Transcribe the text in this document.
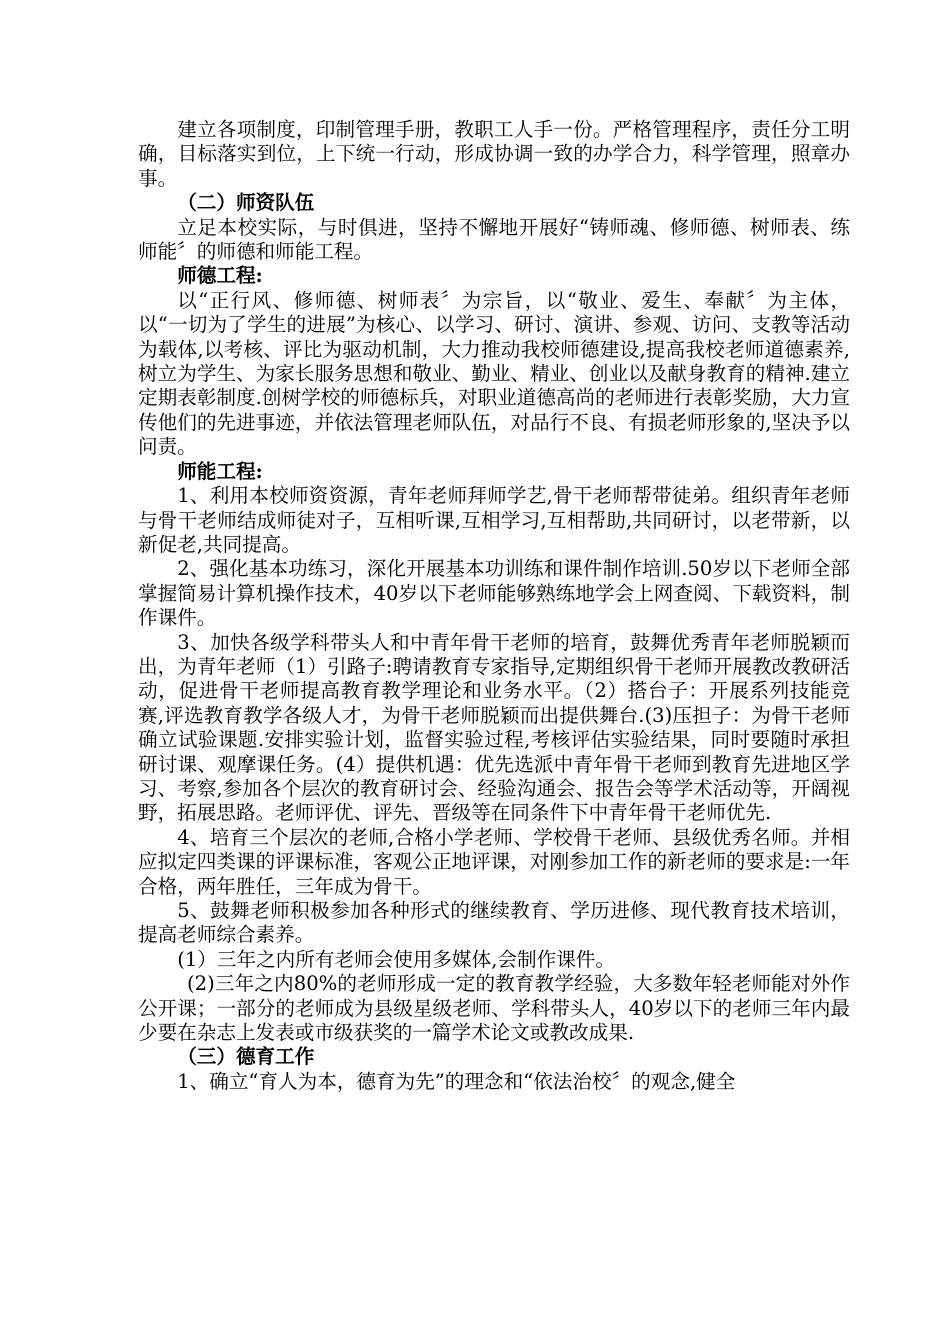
建立各项制度，印制管理手册，教职工人手一份。严格管理程序，责任分工明确，目标落实到位，上下统一行动，形成协调一致的办学合力，科学管理，照章办事。

（二）师资队伍

立足本校实际，与时俱进，坚持不懈地开展好“铸师魂、修师德、树师表、练师能〞的师德和师能工程。

师德工程:

以“正行风、修师德、树师表〞为宗旨，以“敬业、爱生、奉献〞为主体，以“一切为了学生的进展”为核心、以学习、研讨、演讲、参观、访问、支教等活动为载体,以考核、评比为驱动机制，大力推动我校师德建设,提高我校老师道德素养,树立为学生、为家长服务思想和敬业、勤业、精业、创业以及献身教育的精神.建立定期表彰制度.创树学校的师德标兵，对职业道德高尚的老师进行表彰奖励，大力宣传他们的先进事迹，并依法管理老师队伍，对品行不良、有损老师形象的,坚决予以问责。

师能工程:

1、利用本校师资资源，青年老师拜师学艺,骨干老师帮带徒弟。组织青年老师与骨干老师结成师徒对子，互相听课,互相学习,互相帮助,共同研讨，以老带新，以新促老,共同提高。

2、强化基本功练习，深化开展基本功训练和课件制作培训.50岁以下老师全部掌握简易计算机操作技术，40岁以下老师能够熟练地学会上网查阅、下载资料，制作课件。

3、加快各级学科带头人和中青年骨干老师的培育，鼓舞优秀青年老师脱颖而出，为青年老师（1）引路子:聘请教育专家指导,定期组织骨干老师开展教改教研活动，促进骨干老师提高教育教学理论和业务水平。（2）搭台子：开展系列技能竞赛,评选教育教学各级人才，为骨干老师脱颖而出提供舞台.(3)压担子：为骨干老师确立试验课题.安排实验计划，监督实验过程,考核评估实验结果，同时要随时承担研讨课、观摩课任务。(4）提供机遇：优先选派中青年骨干老师到教育先进地区学习、考察,参加各个层次的教育研讨会、经验沟通会、报告会等学术活动等，开阔视野，拓展思路。老师评优、评先、晋级等在同条件下中青年骨干老师优先.

4、培育三个层次的老师,合格小学老师、学校骨干老师、县级优秀名师。并相应拟定四类课的评课标准，客观公正地评课，对刚参加工作的新老师的要求是:一年合格，两年胜任，三年成为骨干。

5、鼓舞老师积极参加各种形式的继续教育、学历进修、现代教育技术培训，提高老师综合素养。

(1）三年之内所有老师会使用多媒体,会制作课件。

(2)三年之内80%的老师形成一定的教育教学经验，大多数年轻老师能对外作公开课；一部分的老师成为县级星级老师、学科带头人，40岁以下的老师三年内最少要在杂志上发表或市级获奖的一篇学术论文或教改成果.

（三）德育工作

1、确立“育人为本，德育为先”的理念和“依法治校〞的观念,健全
